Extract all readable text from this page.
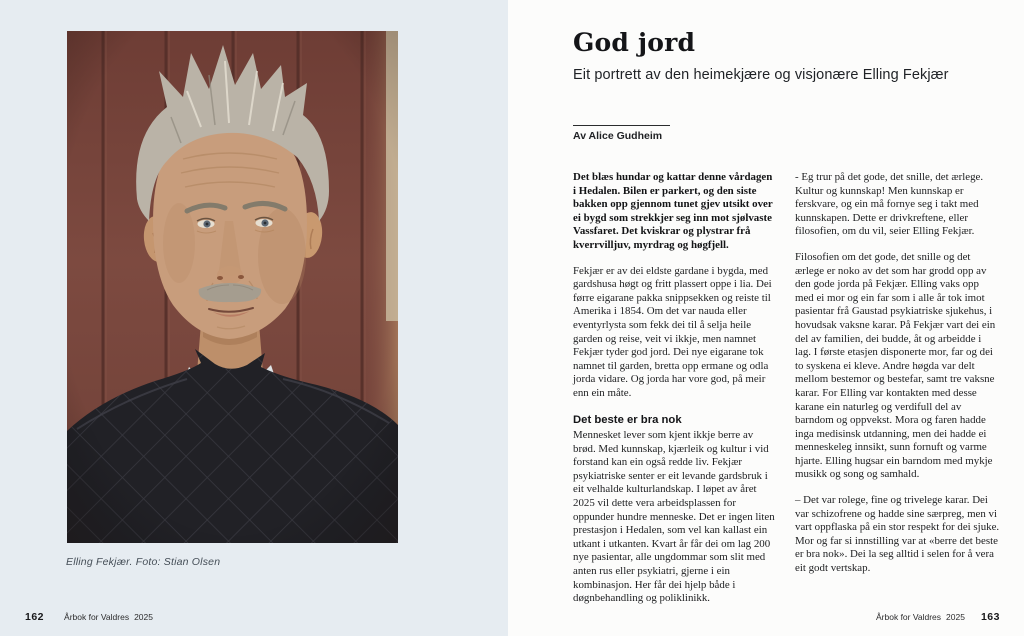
Elling Fekjær. Foto: Stian Olsen
162 Årbok for Valdres 2025
God jord

Eit portrett av den heimekjære og visjonære Elling Fekjær

Av Alice Gudheim

Det blæs hundar og kattar denne vårdagen i Hedalen. Bilen er parkert, og den siste bakken opp gjennom tunet gjev utsikt over ei bygd som strekkjer seg inn mot sjølvaste Vassfaret. Det kviskrar og plystrar frå kverrvilljuv, myrdrag og høgfjell.

Fekjær er av dei eldste gardane i bygda, med gardshusa høgt og fritt plassert oppe i lia. Dei førre eigarane pakka snippsekken og reiste til Amerika i 1854. Om det var nauda eller eventyrlysta som fekk dei til å selja heile garden og reise, veit vi ikkje, men namnet Fekjær tyder god jord. Dei nye eigarane tok namnet til garden, bretta opp ermane og odla jorda vidare. Og jorda har vore god, på meir enn ein måte.

Det beste er bra nok

Mennesket lever som kjent ikkje berre av brød. Med kunnskap, kjærleik og kultur i vid forstand kan ein også redde liv. Fekjær psykiatriske senter er eit levande gardsbruk i eit velhalde kulturlandskap. I løpet av året 2025 vil dette vera arbeidsplassen for oppunder hundre menneske. Det er ingen liten prestasjon i Hedalen, som vel kan kallast ein utkant i utkanten. Kvart år får dei om lag 200 nye pasientar, alle ungdommar som slit med anten rus eller psykiatri, gjerne i ein kombinasjon. Her får dei hjelp både i døgnbehandling og poliklinikk.

- Eg trur på det gode, det snille, det ærlege. Kultur og kunnskap! Men kunnskap er ferskvare, og ein må fornye seg i takt med kunnskapen. Dette er drivkreftene, eller filosofien, om du vil, seier Elling Fekjær.

Filosofien om det gode, det snille og det ærlege er noko av det som har grodd opp av den gode jorda på Fekjær. Elling vaks opp med ei mor og ein far som i alle år tok imot pasientar frå Gaustad psykiatriske sjukehus, i hovudsak vaksne karar. På Fekjær vart dei ein del av familien, dei budde, åt og arbeidde i lag. I første etasjen disponerte mor, far og dei to syskena ei kleve. Andre høgda var delt mellom bestemor og bestefar, samt tre vaksne karar. For Elling var kontakten med desse karane ein naturleg og verdifull del av barndom og oppvekst. Mora og faren hadde inga medisinsk utdanning, men dei hadde ei menneskeleg innsikt, sunn fornuft og varme hjarte. Elling hugsar ein barndom med mykje musikk og song og samhald.

– Det var rolege, fine og trivelege karar. Dei var schizofrene og hadde sine særpreg, men vi vart oppflaska på ein stor respekt for dei sjuke. Mor og far si innstilling var at «berre det beste er bra nok». Dei la seg alltid i selen for å vera eit godt vertskap.

Årbok for Valdres 2025 163
